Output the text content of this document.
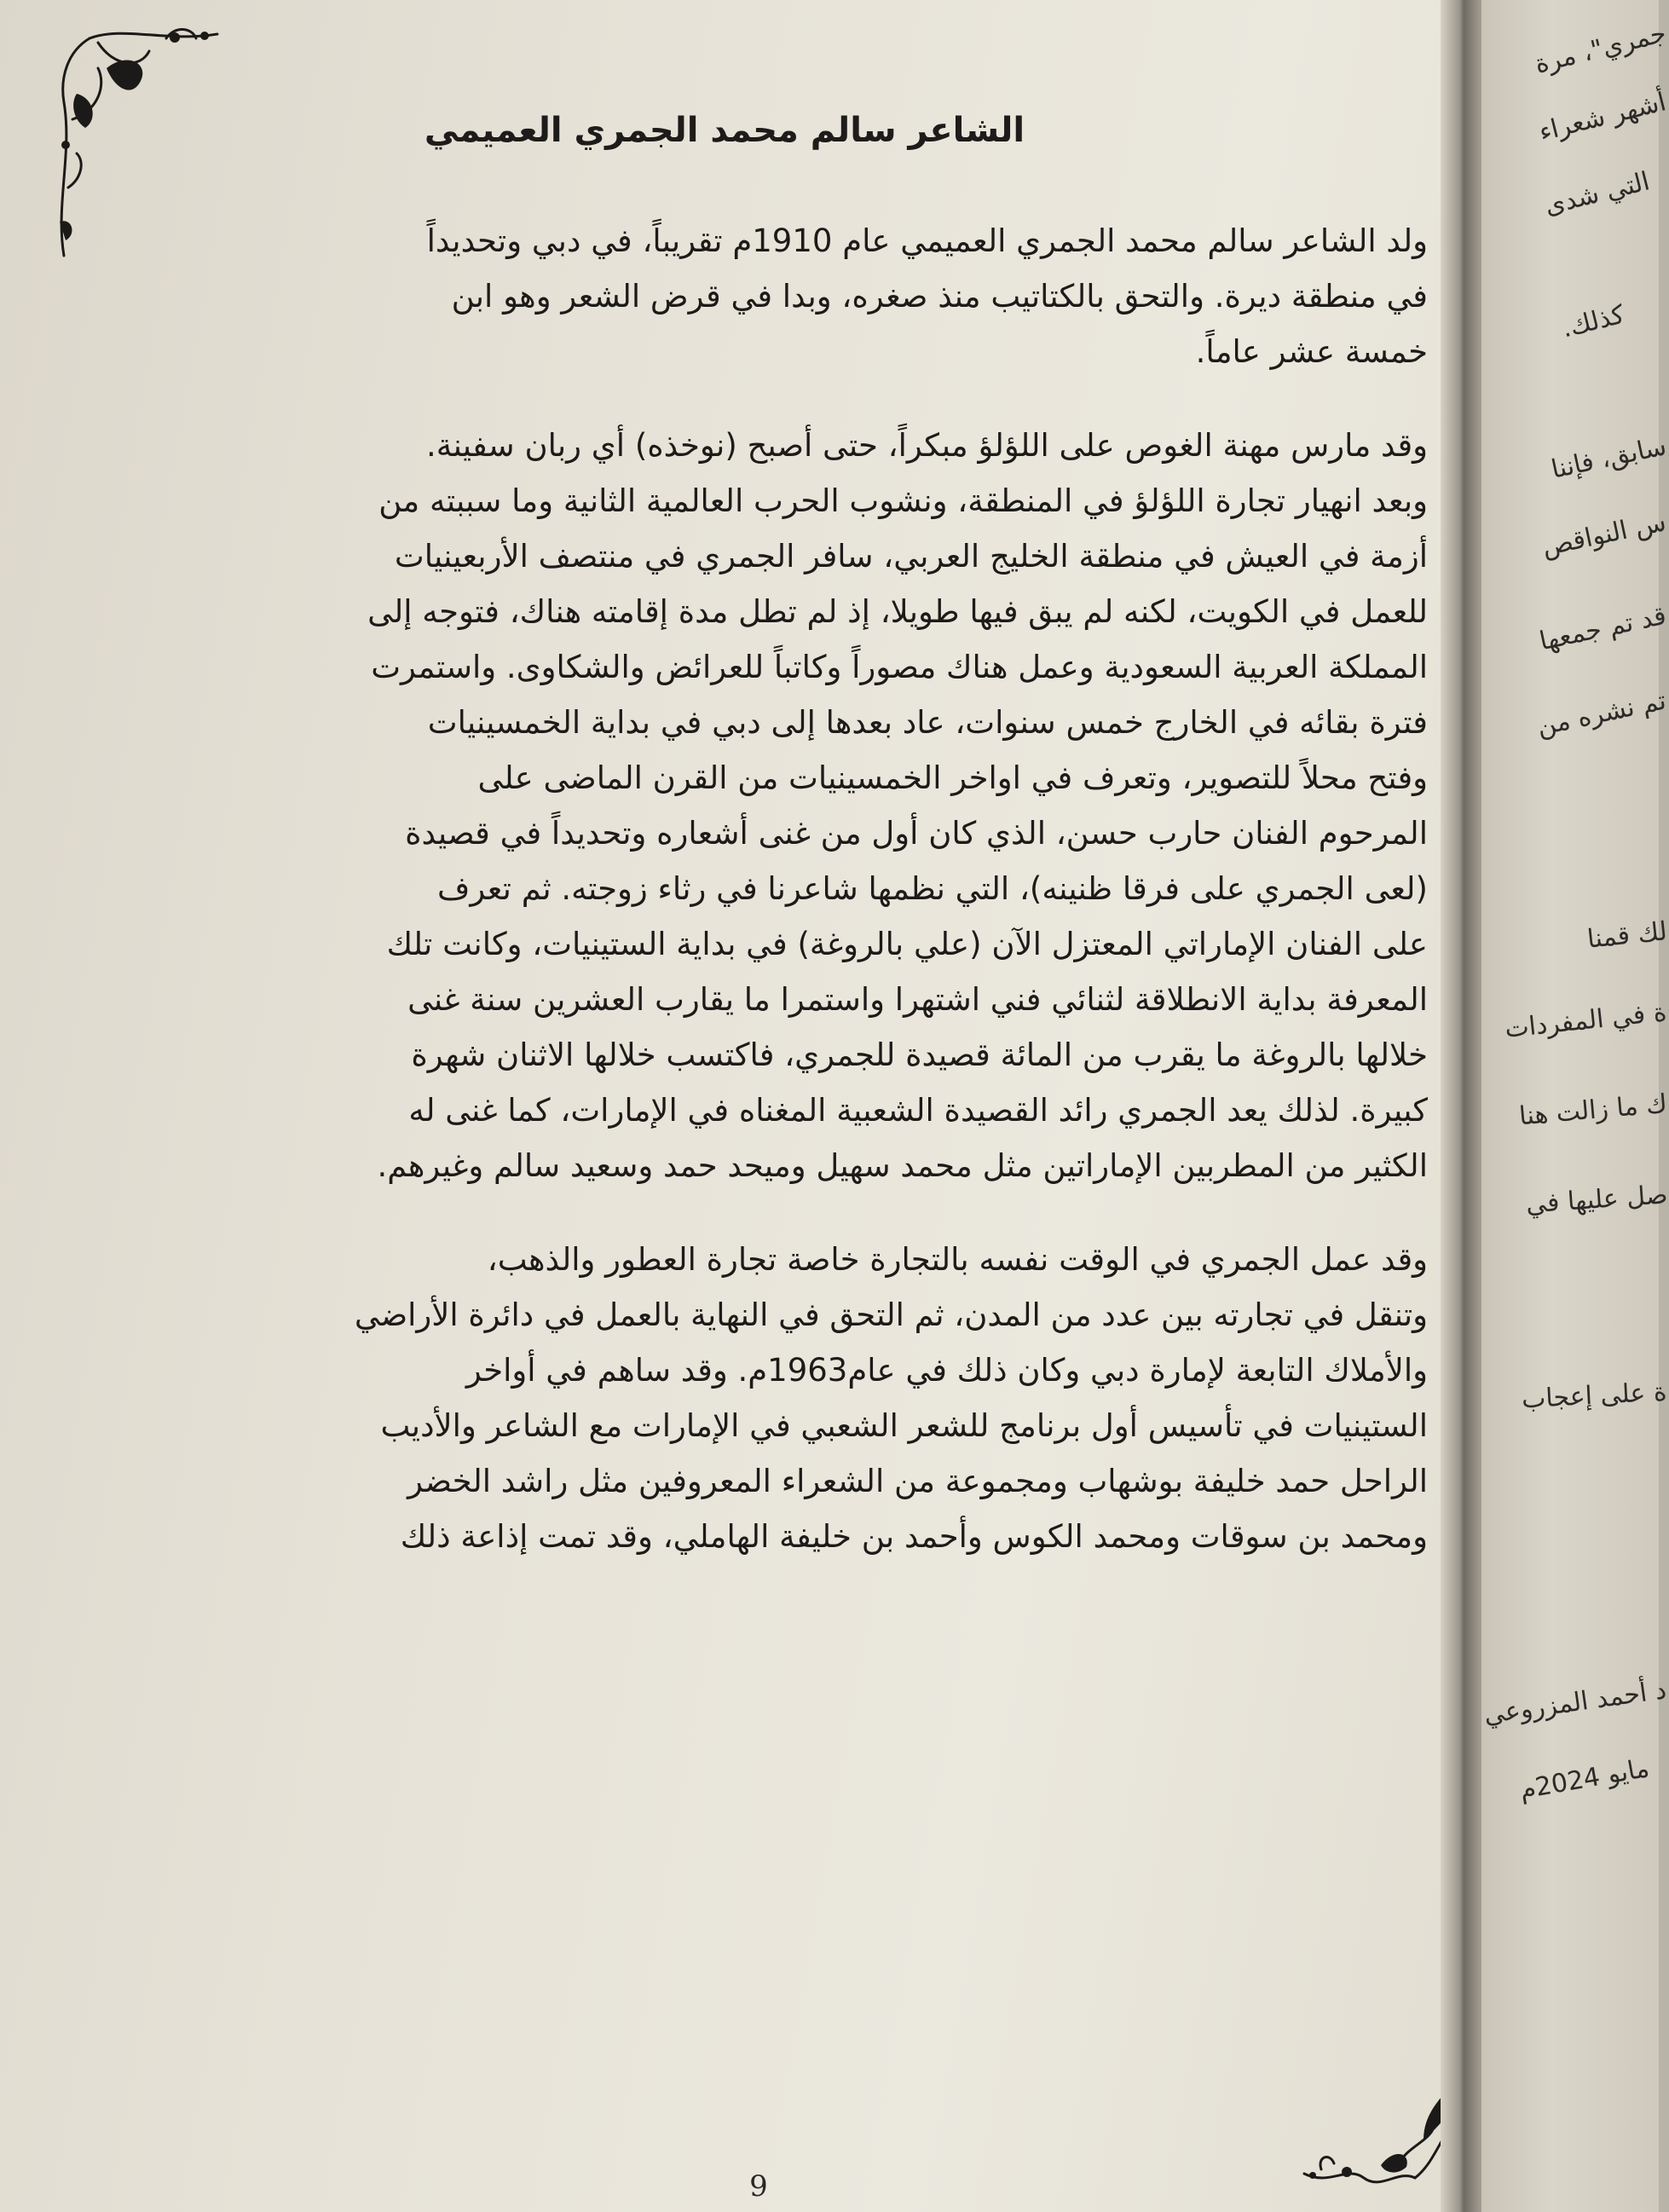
الشاعر سالم محمد الجمري العميمي
ولد الشاعر سالم محمد الجمري العميمي عام 1910م تقريباً، في دبي وتحديداً
في منطقة ديرة. والتحق بالكتاتيب منذ صغره، وبدا في قرض الشعر وهو ابن
خمسة عشر عاماً.
وقد مارس مهنة الغوص على اللؤلؤ مبكراً، حتى أصبح (نوخذه) أي ربان سفينة.
وبعد انهيار تجارة اللؤلؤ في المنطقة، ونشوب الحرب العالمية الثانية وما سببته من
أزمة في العيش في منطقة الخليج العربي، سافر الجمري في منتصف الأربعينيات
للعمل في الكويت، لكنه لم يبق فيها طويلا، إذ لم تطل مدة إقامته هناك، فتوجه إلى
المملكة العربية السعودية وعمل هناك مصوراً وكاتباً للعرائض والشكاوى. واستمرت
فترة بقائه في الخارج خمس سنوات، عاد بعدها إلى دبي في بداية الخمسينيات
وفتح محلاً للتصوير، وتعرف في اواخر الخمسينيات من القرن الماضى على
المرحوم الفنان حارب حسن، الذي كان أول من غنى أشعاره وتحديداً في قصيدة
(لعى الجمري على فرقا ظنينه)، التي نظمها شاعرنا في رثاء زوجته. ثم تعرف
على الفنان الإماراتي المعتزل الآن (علي بالروغة) في بداية الستينيات، وكانت تلك
المعرفة بداية الانطلاقة لثنائي فني اشتهرا واستمرا ما يقارب العشرين سنة غنى
خلالها بالروغة ما يقرب من المائة قصيدة للجمري، فاكتسب خلالها الاثنان شهرة
كبيرة. لذلك يعد الجمري رائد القصيدة الشعبية المغناه في الإمارات، كما غنى له
الكثير من المطربين الإماراتين مثل محمد سهيل وميحد حمد وسعيد سالم وغيرهم.
وقد عمل الجمري في الوقت نفسه بالتجارة خاصة تجارة العطور والذهب،
وتنقل في تجارته بين عدد من المدن، ثم التحق في النهاية بالعمل في دائرة الأراضي
والأملاك التابعة لإمارة دبي وكان ذلك في عام1963م. وقد ساهم في أواخر
الستينيات في تأسيس أول برنامج للشعر الشعبي في الإمارات مع الشاعر والأديب
الراحل حمد خليفة بوشهاب ومجموعة من الشعراء المعروفين مثل راشد الخضر
ومحمد بن سوقات ومحمد الكوس وأحمد بن خليفة الهاملي، وقد تمت إذاعة ذلك
9
جمري"، مرة
أشهر شعراء
التي شدى
كذلك.
سابق، فإننا
س النواقص
قد تم جمعها
تم نشره من
لك قمنا
ة في المفردات
ك ما زالت هنا
صل عليها في
ة على إعجاب
د أحمد المزروعي
مايو 2024م
